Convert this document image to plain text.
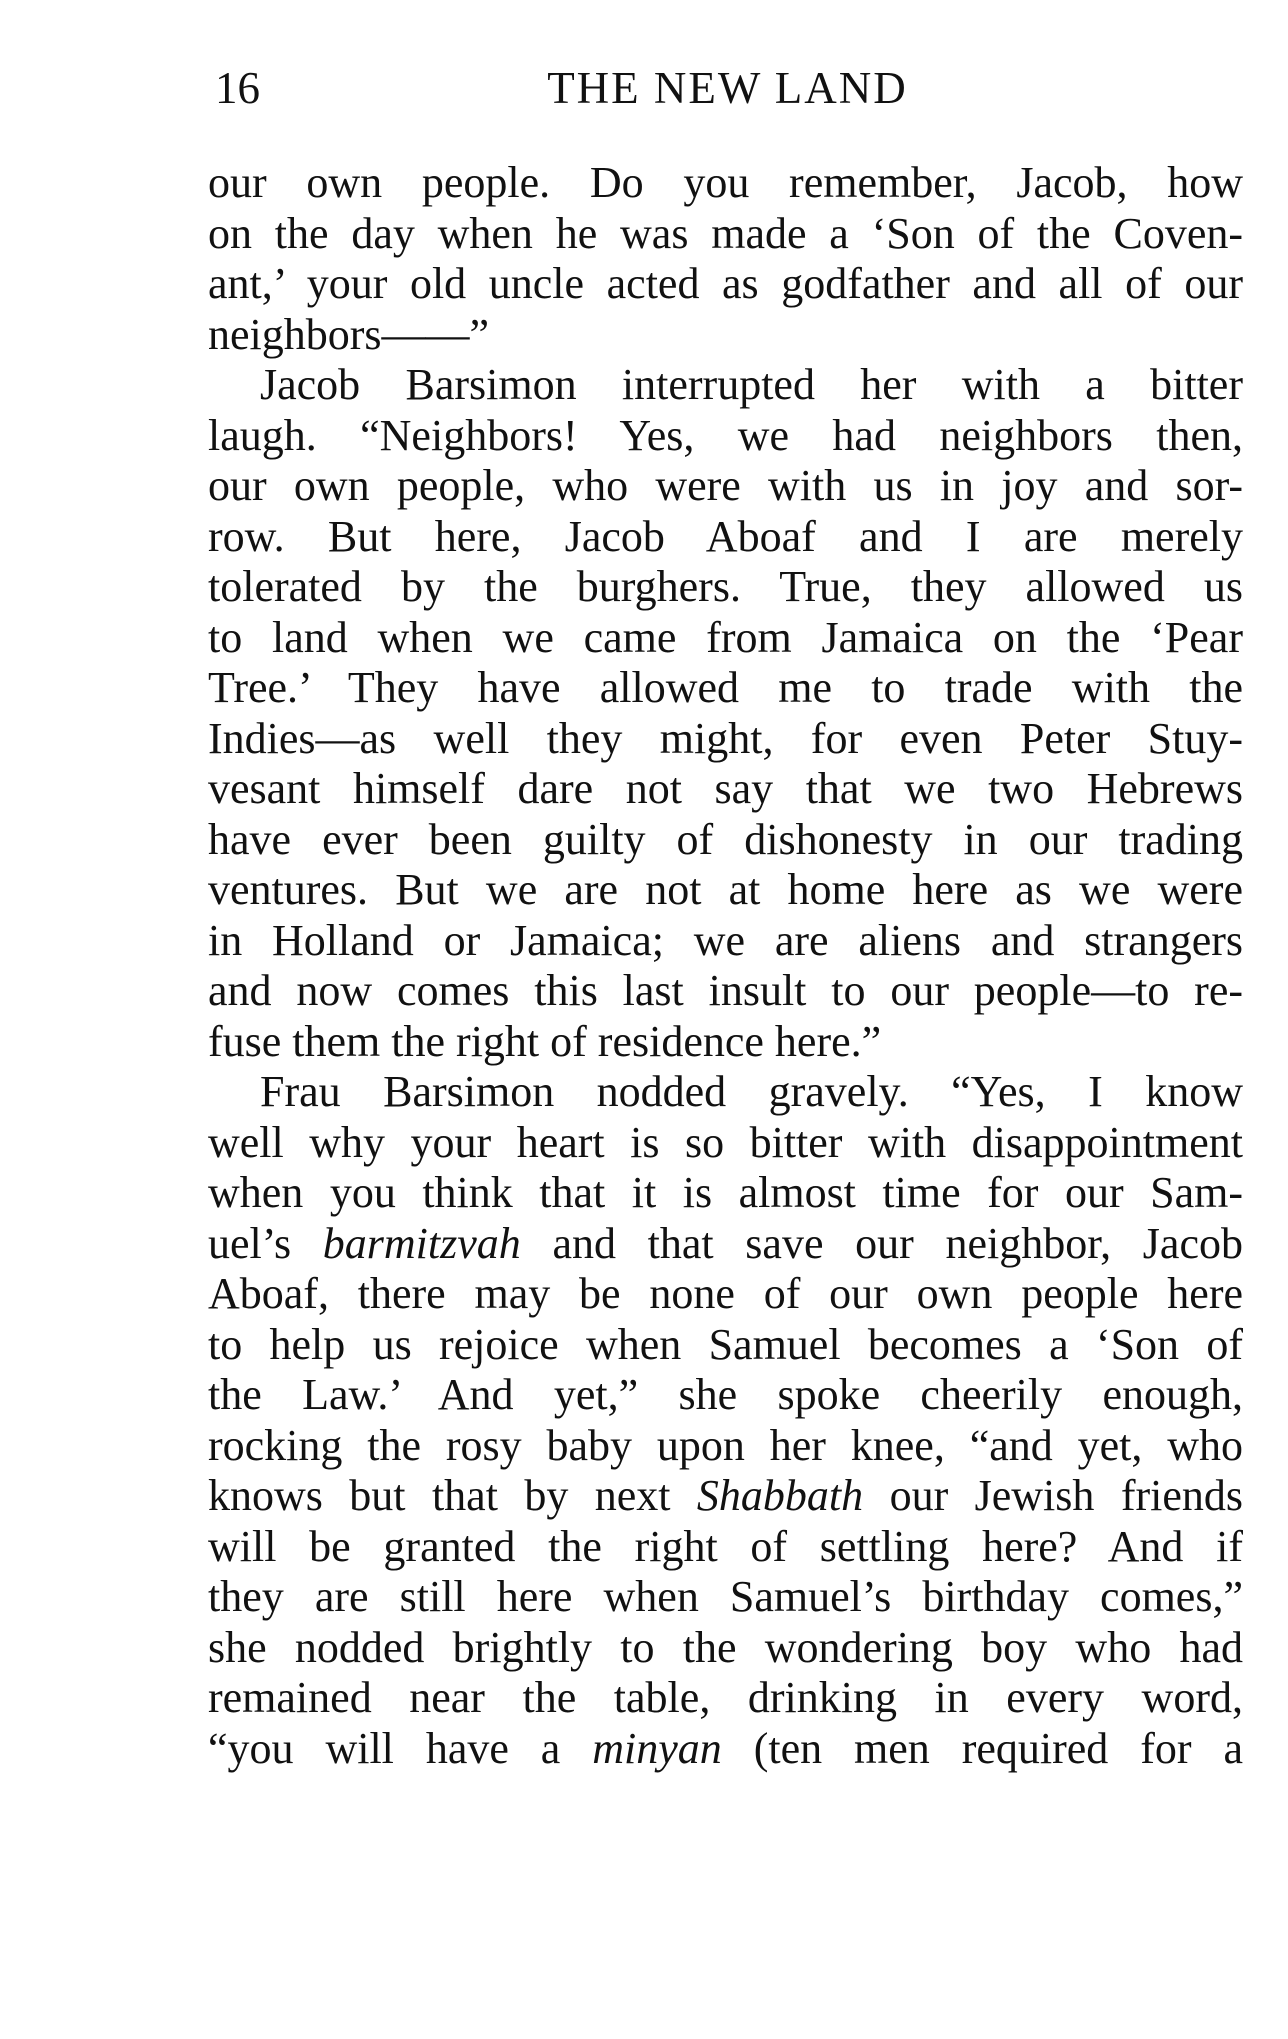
16	THE NEW LAND
our own people. Do you remember, Jacob, how
on the day when he was made a ‘Son of the Coven-
ant,’ your old uncle acted as godfather and all of our
neighbors——”
Jacob Barsimon interrupted her with a bitter
laugh. “Neighbors! Yes, we had neighbors then,
our own people, who were with us in joy and sor-
row. But here, Jacob Aboaf and I are merely
tolerated by the burghers. True, they allowed us
to land when we came from Jamaica on the ‘Pear
Tree.’ They have allowed me to trade with the
Indies—as well they might, for even Peter Stuy-
vesant himself dare not say that we two Hebrews
have ever been guilty of dishonesty in our trading
ventures. But we are not at home here as we were
in Holland or Jamaica; we are aliens and strangers
and now comes this last insult to our people—to re-
fuse them the right of residence here.”
Frau Barsimon nodded gravely. “Yes, I know
well why your heart is so bitter with disappointment
when you think that it is almost time for our Sam-
uel’s barmitzvah and that save our neighbor, Jacob
Aboaf, there may be none of our own people here
to help us rejoice when Samuel becomes a ‘Son of
the Law.’ And yet,” she spoke cheerily enough,
rocking the rosy baby upon her knee, “and yet, who
knows but that by next Shabbath our Jewish friends
will be granted the right of settling here? And if
they are still here when Samuel’s birthday comes,”
she nodded brightly to the wondering boy who had
remained near the table, drinking in every word,
“you will have a minyan (ten men required for a
